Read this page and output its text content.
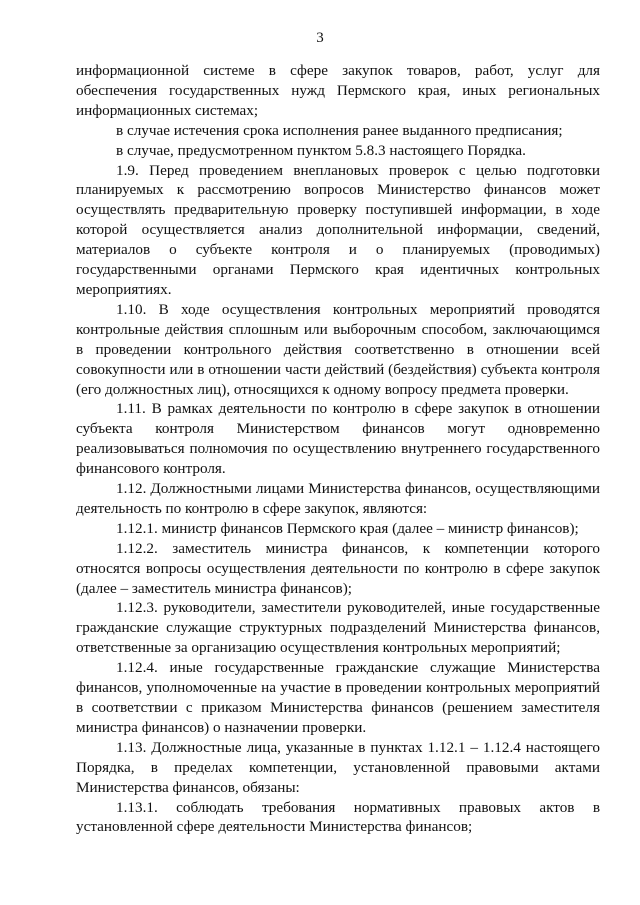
3

информационной системе в сфере закупок товаров, работ, услуг для обеспечения государственных нужд Пермского края, иных региональных информационных системах;

в случае истечения срока исполнения ранее выданного предписания;

в случае, предусмотренном пунктом 5.8.3 настоящего Порядка.

1.9. Перед проведением внеплановых проверок с целью подготовки планируемых к рассмотрению вопросов Министерство финансов может осуществлять предварительную проверку поступившей информации, в ходе которой осуществляется анализ дополнительной информации, сведений, материалов о субъекте контроля и о планируемых (проводимых) государственными органами Пермского края идентичных контрольных мероприятиях.

1.10. В ходе осуществления контрольных мероприятий проводятся контрольные действия сплошным или выборочным способом, заключающимся в проведении контрольного действия соответственно в отношении всей совокупности или в отношении части действий (бездействия) субъекта контроля (его должностных лиц), относящихся к одному вопросу предмета проверки.

1.11. В рамках деятельности по контролю в сфере закупок в отношении субъекта контроля Министерством финансов могут одновременно реализовываться полномочия по осуществлению внутреннего государственного финансового контроля.

1.12. Должностными лицами Министерства финансов, осуществляющими деятельность по контролю в сфере закупок, являются:

1.12.1. министр финансов Пермского края (далее – министр финансов);

1.12.2. заместитель министра финансов, к компетенции которого относятся вопросы осуществления деятельности по контролю в сфере закупок (далее – заместитель министра финансов);

1.12.3. руководители, заместители руководителей, иные государственные гражданские служащие структурных подразделений Министерства финансов, ответственные за организацию осуществления контрольных мероприятий;

1.12.4. иные государственные гражданские служащие Министерства финансов, уполномоченные на участие в проведении контрольных мероприятий в соответствии с приказом Министерства финансов (решением заместителя министра финансов) о назначении проверки.

1.13. Должностные лица, указанные в пунктах 1.12.1 – 1.12.4 настоящего Порядка, в пределах компетенции, установленной правовыми актами Министерства финансов, обязаны:

1.13.1. соблюдать требования нормативных правовых актов в установленной сфере деятельности Министерства финансов;
